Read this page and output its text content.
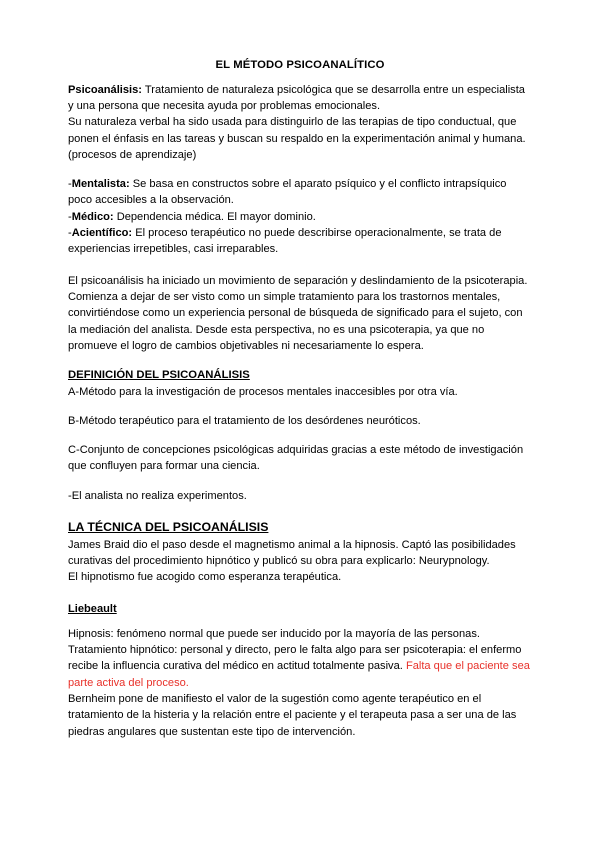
EL MÉTODO PSICOANALÍTICO

Psicoanálisis: Tratamiento de naturaleza psicológica que se desarrolla entre un especialista y una persona que necesita ayuda por problemas emocionales.

Su naturaleza verbal ha sido usada para distinguirlo de las terapias de tipo conductual, que ponen el énfasis en las tareas y buscan su respaldo en la experimentación animal y humana. (procesos de aprendizaje)

-Mentalista: Se basa en constructos sobre el aparato psíquico y el conflicto intrapsíquico poco accesibles a la observación.

-Médico: Dependencia médica. El mayor dominio.

-Acientífico: El proceso terapéutico no puede describirse operacionalmente, se trata de experiencias irrepetibles, casi irreparables.

El psicoanálisis ha iniciado un movimiento de separación y deslindamiento de la psicoterapia. Comienza a dejar de ser visto como un simple tratamiento para los trastornos mentales, convirtiéndose como un experiencia personal de búsqueda de significado para el sujeto, con la mediación del analista. Desde esta perspectiva, no es una psicoterapia, ya que no promueve el logro de cambios objetivables ni necesariamente lo espera.

DEFINICIÓN DEL PSICOANÁLISIS

A-Método para la investigación de procesos mentales inaccesibles por otra vía.

B-Método terapéutico para el tratamiento de los desórdenes neuróticos.

C-Conjunto de concepciones psicológicas adquiridas gracias a este método de investigación que confluyen para formar una ciencia.

-El analista no realiza experimentos.

LA TÉCNICA DEL PSICOANÁLISIS

James Braid dio el paso desde el magnetismo animal a la hipnosis. Captó las posibilidades curativas del procedimiento hipnótico y publicó su obra para explicarlo: Neurypnology.

El hipnotismo fue acogido como esperanza terapéutica.

Liebeault

Hipnosis: fenómeno normal que puede ser inducido por la mayoría de las personas.

Tratamiento hipnótico: personal y directo, pero le falta algo para ser psicoterapia: el enfermo recibe la influencia curativa del médico en actitud totalmente pasiva. Falta que el paciente sea parte activa del proceso.

Bernheim pone de manifiesto el valor de la sugestión como agente terapéutico en el tratamiento de la histeria y la relación entre el paciente y el terapeuta pasa a ser una de las piedras angulares que sustentan este tipo de intervención.
